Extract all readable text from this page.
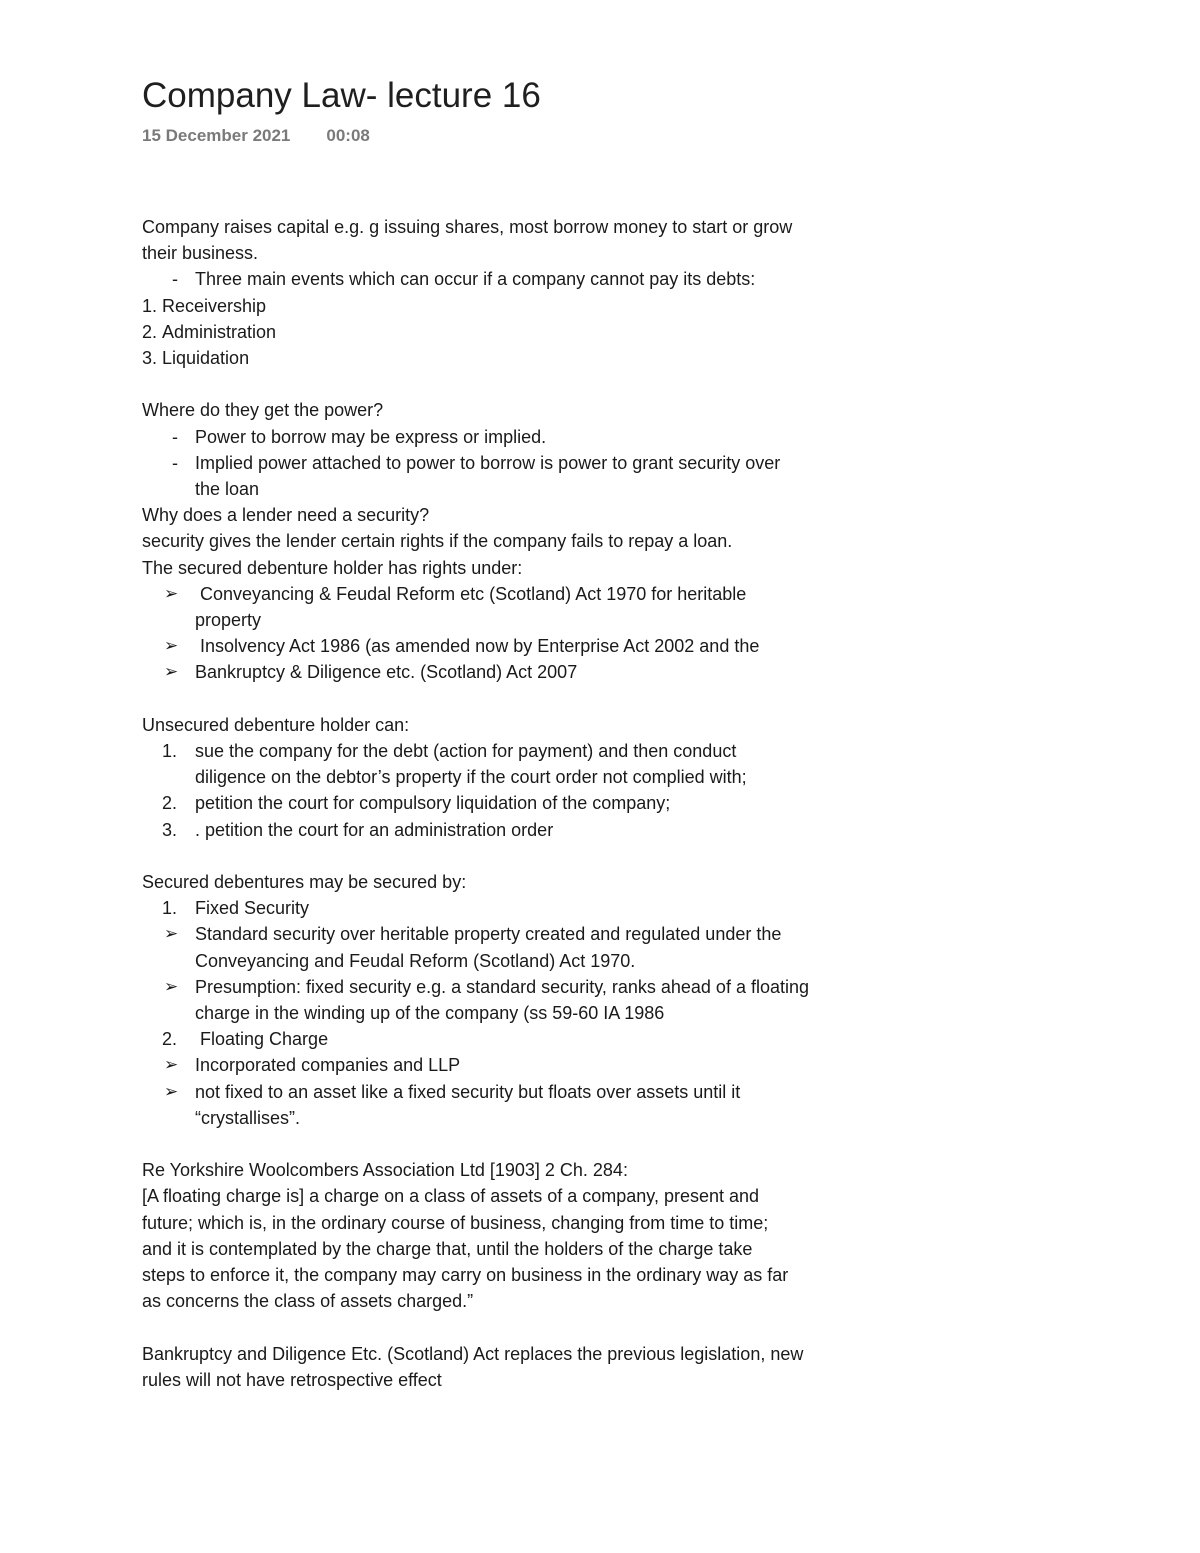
Company Law- lecture 16
15 December 2021 00:08
Company raises capital e.g. g issuing shares, most borrow money to start or grow
their business.
- Three main events which can occur if a company cannot pay its debts:
1. Receivership
2. Administration
3. Liquidation
Where do they get the power?
- Power to borrow may be express or implied.
- Implied power attached to power to borrow is power to grant security over
the loan
Why does a lender need a security?
security gives the lender certain rights if the company fails to repay a loan.
The secured debenture holder has rights under:
➢ Conveyancing & Feudal Reform etc (Scotland) Act 1970 for heritable
property
➢ Insolvency Act 1986 (as amended now by Enterprise Act 2002 and the
➢ Bankruptcy & Diligence etc. (Scotland) Act 2007
Unsecured debenture holder can:
1. sue the company for the debt (action for payment) and then conduct
diligence on the debtor’s property if the court order not complied with;
2. petition the court for compulsory liquidation of the company;
3. . petition the court for an administration order
Secured debentures may be secured by:
1. Fixed Security
➢ Standard security over heritable property created and regulated under the
Conveyancing and Feudal Reform (Scotland) Act 1970.
➢ Presumption: fixed security e.g. a standard security, ranks ahead of a floating
charge in the winding up of the company (ss 59-60 IA 1986
2. Floating Charge
➢ Incorporated companies and LLP
➢ not fixed to an asset like a fixed security but floats over assets until it
“crystallises”.
Re Yorkshire Woolcombers Association Ltd [1903] 2 Ch. 284:
[A floating charge is] a charge on a class of assets of a company, present and
future; which is, in the ordinary course of business, changing from time to time;
and it is contemplated by the charge that, until the holders of the charge take
steps to enforce it, the company may carry on business in the ordinary way as far
as concerns the class of assets charged.”
Bankruptcy and Diligence Etc. (Scotland) Act replaces the previous legislation, new
rules will not have retrospective effect
